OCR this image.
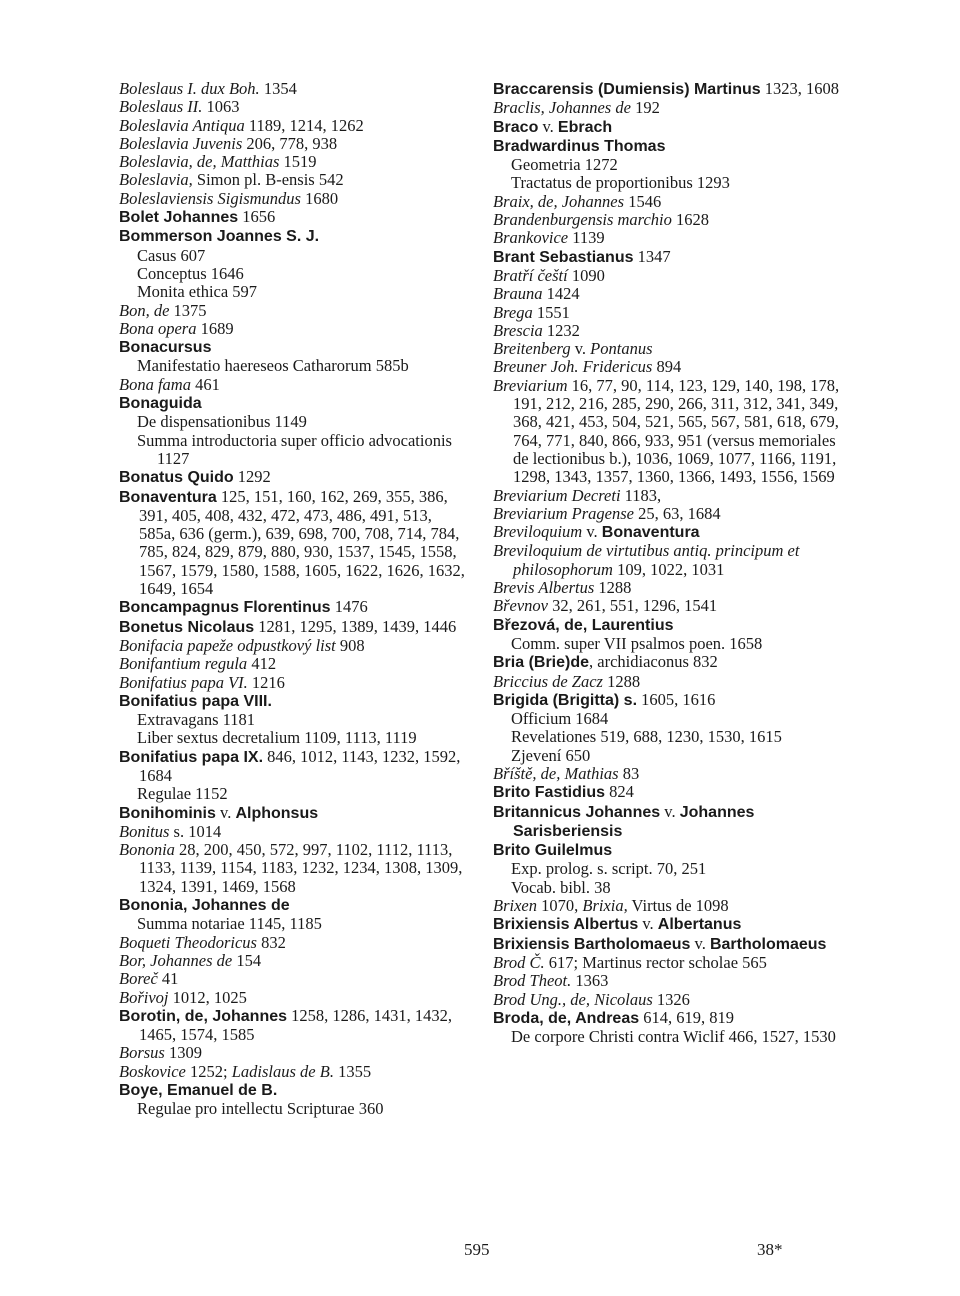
Boleslaus I. dux Boh. 1354
Boleslaus II. 1063
Boleslavia Antiqua 1189, 1214, 1262
Boleslavia Juvenis 206, 778, 938
Boleslavia, de, Matthias 1519
Boleslavia, Simon pl. B-ensis 542
Boleslaviensis Sigismundus 1680
Bolet Johannes 1656
Bommerson Joannes S. J.
Casus 607
Conceptus 1646
Monita ethica 597
Bon, de 1375
Bona opera 1689
Bonacursus
Manifestatio haereseos Catharorum 585b
Bona fama 461
Bonaguida
De dispensationibus 1149
Summa introductoria super officio advocationis 1127
Bonatus Quido 1292
Bonaventura 125, 151, 160, 162, 269, 355, 386, 391, 405, 408, 432, 472, 473, 486, 491, 513, 585a, 636 (germ.), 639, 698, 700, 708, 714, 784, 785, 824, 829, 879, 880, 930, 1537, 1545, 1558, 1567, 1579, 1580, 1588, 1605, 1622, 1626, 1632, 1649, 1654
Boncampagnus Florentinus 1476
Bonetus Nicolaus 1281, 1295, 1389, 1439, 1446
Bonifacia papeže odpustkový list 908
Bonifantium regula 412
Bonifatius papa VI. 1216
Bonifatius papa VIII.
Extravagans 1181
Liber sextus decretalium 1109, 1113, 1119
Bonifatius papa IX. 846, 1012, 1143, 1232, 1592, 1684
Regulae 1152
Bonihominis v. Alphonsus
Bonitus s. 1014
Bononia 28, 200, 450, 572, 997, 1102, 1112, 1113, 1133, 1139, 1154, 1183, 1232, 1234, 1308, 1309, 1324, 1391, 1469, 1568
Bononia, Johannes de
Summa notariae 1145, 1185
Boqueti Theodoricus 832
Bor, Johannes de 154
Boreč 41
Bořivoj 1012, 1025
Borotin, de, Johannes 1258, 1286, 1431, 1432, 1465, 1574, 1585
Borsus 1309
Boskovice 1252; Ladislaus de B. 1355
Boye, Emanuel de B.
Regulae pro intellectu Scripturae 360
Braccarensis (Dumiensis) Martinus 1323, 1608
Braclis, Johannes de 192
Braco v. Ebrach
Bradwardinus Thomas
Geometria 1272
Tractatus de proportionibus 1293
Braix, de, Johannes 1546
Brandenburgensis marchio 1628
Brankovice 1139
Brant Sebastianus 1347
Bratří čeští 1090
Brauna 1424
Brega 1551
Brescia 1232
Breitenberg v. Pontanus
Breuner Joh. Fridericus 894
Breviarium 16, 77, 90, 114, 123, 129, 140, 198, 178, 191, 212, 216, 285, 290, 266, 311, 312, 341, 349, 368, 421, 453, 504, 521, 565, 567, 581, 618, 679, 764, 771, 840, 866, 933, 951 (versus memoriales de lectionibus b.), 1036, 1069, 1077, 1166, 1191, 1298, 1343, 1357, 1360, 1366, 1493, 1556, 1569
Breviarium Decreti 1183,
Breviarium Pragense 25, 63, 1684
Breviloquium v. Bonaventura
Breviloquium de virtutibus antiq. principum et philosophorum 109, 1022, 1031
Brevis Albertus 1288
Břevnov 32, 261, 551, 1296, 1541
Březová, de, Laurentius
Comm. super VII psalmos poen. 1658
Bria (Brie)de, archidiaconus 832
Briccius de Zacz 1288
Brigida (Brigitta) s. 1605, 1616
Officium 1684
Revelationes 519, 688, 1230, 1530, 1615
Zjevení 650
Bříště, de, Mathias 83
Brito Fastidius 824
Britannicus Johannes v. Johannes Sarisberiensis
Brito Guilelmus
Exp. prolog. s. script. 70, 251
Vocab. bibl. 38
Brixen 1070, Brixia, Virtus de 1098
Brixiensis Albertus v. Albertanus
Brixiensis Bartholomaeus v. Bartholomaeus
Brod Č. 617; Martinus rector scholae 565
Brod Theot. 1363
Brod Ung., de, Nicolaus 1326
Broda, de, Andreas 614, 619, 819
De corpore Christi contra Wiclif 466, 1527, 1530
595	38*
